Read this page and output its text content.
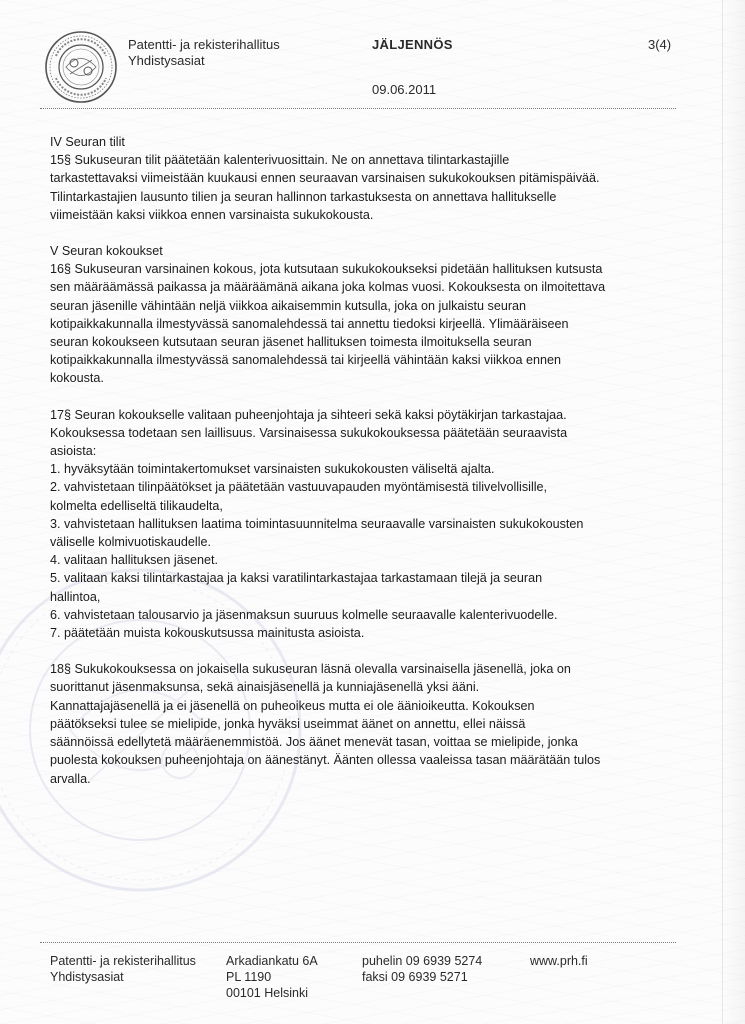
Patentti- ja rekisterihallitus
Yhdistysasiat
JÄLJENNÖS	3(4)
09.06.2011

IV Seuran tilit

15§ Sukuseuran tilit päätetään kalenterivuosittain. Ne on annettava tilintarkastajille

tarkastettavaksi viimeistään kuukausi ennen seuraavan varsinaisen sukukokouksen pitämispäivää.

Tilintarkastajien lausunto tilien ja seuran hallinnon tarkastuksesta on annettava hallitukselle

viimeistään kaksi viikkoa ennen varsinaista sukukokousta.

V Seuran kokoukset

16§ Sukuseuran varsinainen kokous, jota kutsutaan sukukokoukseksi pidetään hallituksen kutsusta

sen määräämässä paikassa ja määräämänä aikana joka kolmas vuosi. Kokouksesta on ilmoitettava

seuran jäsenille vähintään neljä viikkoa aikaisemmin kutsulla, joka on julkaistu seuran

kotipaikkakunnalla ilmestyvässä sanomalehdessä tai annettu tiedoksi kirjeellä. Ylimääräiseen

seuran kokoukseen kutsutaan seuran jäsenet hallituksen toimesta ilmoituksella seuran

kotipaikkakunnalla ilmestyvässä sanomalehdessä tai kirjeellä vähintään kaksi viikkoa ennen

kokousta.

17§ Seuran kokoukselle valitaan puheenjohtaja ja sihteeri sekä kaksi pöytäkirjan tarkastajaa.

Kokouksessa todetaan sen laillisuus. Varsinaisessa sukukokouksessa päätetään seuraavista

asioista:

1. hyväksytään toimintakertomukset varsinaisten sukukokousten väliseltä ajalta.

2. vahvistetaan tilinpäätökset ja päätetään vastuuvapauden myöntämisestä tilivelvollisille,

kolmelta edelliseltä tilikaudelta,

3. vahvistetaan hallituksen laatima toimintasuunnitelma seuraavalle varsinaisten sukukokousten

väliselle kolmivuotiskaudelle.

4. valitaan hallituksen jäsenet.

5. valitaan kaksi tilintarkastajaa ja kaksi varatilintarkastajaa tarkastamaan tilejä ja seuran

hallintoa,

6. vahvistetaan talousarvio ja jäsenmaksun suuruus kolmelle seuraavalle kalenterivuodelle.

7. päätetään muista kokouskutsussa mainitusta asioista.

18§ Sukukokouksessa on jokaisella sukuseuran läsnä olevalla varsinaisella jäsenellä, joka on

suorittanut jäsenmaksunsa, sekä ainaisjäsenellä ja kunniajäsenellä yksi ääni.

Kannattajajäsenellä ja ei jäsenellä on puheoikeus mutta ei ole äänioikeutta. Kokouksen

päätökseksi tulee se mielipide, jonka hyväksi useimmat äänet on annettu, ellei näissä

säännöissä edellytetä määräenemmistöä. Jos äänet menevät tasan, voittaa se mielipide, jonka

puolesta kokouksen puheenjohtaja on äänestänyt. Äänten ollessa vaaleissa tasan määrätään tulos

arvalla.

Patentti- ja rekisterihallitus
Yhdistysasiat
Arkadiankatu 6A
PL 1190
00101 Helsinki
puhelin 09 6939 5274
faksi 09 6939 5271
www.prh.fi
